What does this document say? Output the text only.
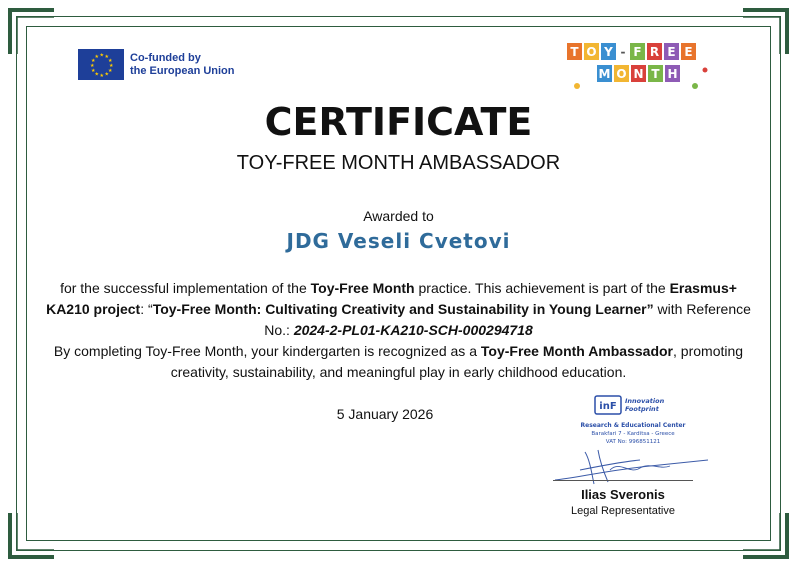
★ ★
★
★
★
★
★
★
★
★
★
★	Co-funded by
the European Union
T O Y - F R E E
M O N T H
CERTIFICATE
TOY-FREE MONTH AMBASSADOR
Awarded to
JDG Veseli Cvetovi

for the successful implementation of the Toy-Free Month practice. This achievement is part of the Erasmus+ KA210 project: “Toy-Free Month: Cultivating Creativity and Sustainability in Young Learner” with Reference No.: 2024-2-PL01-KA210-SCH-000294718

By completing Toy-Free Month, your kindergarten is recognized as a Toy-Free Month Ambassador, promoting creativity, sustainability, and meaningful play in early childhood education.

5 January 2026	inF Innovation
Footprint
Research & Educational Center
Barakfari 7 - Karditsa - Greece
VAT No: 996851121
Ilias Sveronis
Legal Representative
